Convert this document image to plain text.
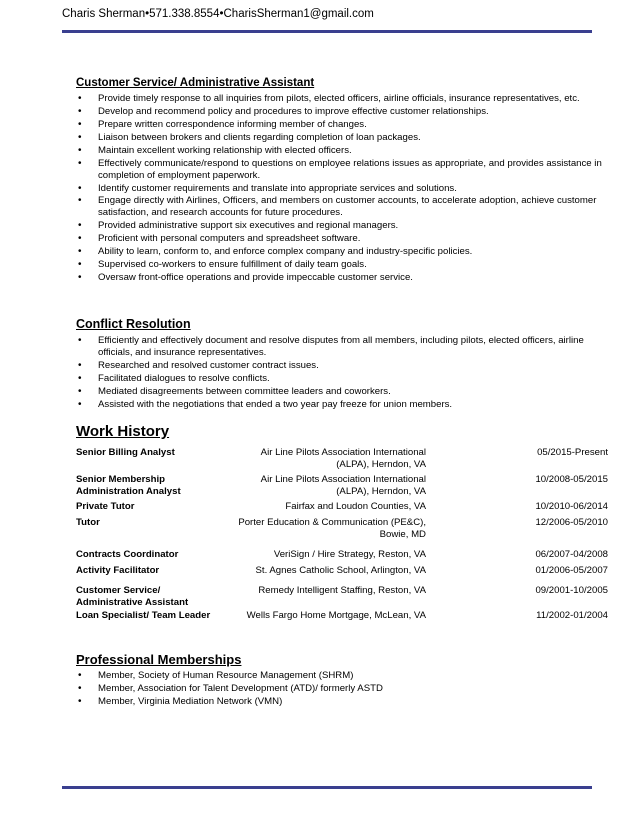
Charis Sherman•571.338.8554•CharisSherman1@gmail.com
Customer Service/ Administrative Assistant
• Provide timely response to all inquiries from pilots, elected officers, airline officials, insurance representatives, etc.
• Develop and recommend policy and procedures to improve effective customer relationships.
• Prepare written correspondence informing member of changes.
• Liaison between brokers and clients regarding completion of loan packages.
• Maintain excellent working relationship with elected officers.
• Effectively communicate/respond to questions on employee relations issues as appropriate, and provides assistance in completion of employment paperwork.
• Identify customer requirements and translate into appropriate services and solutions.
• Engage directly with Airlines, Officers, and members on customer accounts, to accelerate adoption, achieve customer satisfaction, and research accounts for future procedures.
• Provided administrative support six executives and regional managers.
• Proficient with personal computers and spreadsheet software.
• Ability to learn, conform to, and enforce complex company and industry-specific policies.
• Supervised co-workers to ensure fulfillment of daily team goals.
• Oversaw front-office operations and provide impeccable customer service.
Conflict Resolution
• Efficiently and effectively document and resolve disputes from all members, including pilots, elected officers, airline officials, and insurance representatives.
• Researched and resolved customer contract issues.
• Facilitated dialogues to resolve conflicts.
• Mediated disagreements between committee leaders and coworkers.
• Assisted with the negotiations that ended a two year pay freeze for union members.
Work History
Senior Billing Analyst	Air Line Pilots Association International (ALPA), Herndon, VA		05/2015-Present
Senior Membership Administration Analyst	Air Line Pilots Association International (ALPA), Herndon, VA		10/2008-05/2015
Private Tutor	Fairfax and Loudon Counties, VA		10/2010-06/2014
Tutor	Porter Education & Communication (PE&C), Bowie, MD		12/2006-05/2010
Contracts Coordinator	VeriSign / Hire Strategy, Reston, VA		06/2007-04/2008
Activity Facilitator	St. Agnes Catholic School, Arlington, VA		01/2006-05/2007
Customer Service/ Administrative Assistant	Remedy Intelligent Staffing, Reston, VA		09/2001-10/2005
Loan Specialist/ Team Leader	Wells Fargo Home Mortgage, McLean, VA		11/2002-01/2004
Professional Memberships
• Member, Society of Human Resource Management (SHRM)
• Member, Association for Talent Development (ATD)/ formerly ASTD
• Member, Virginia Mediation Network (VMN)
